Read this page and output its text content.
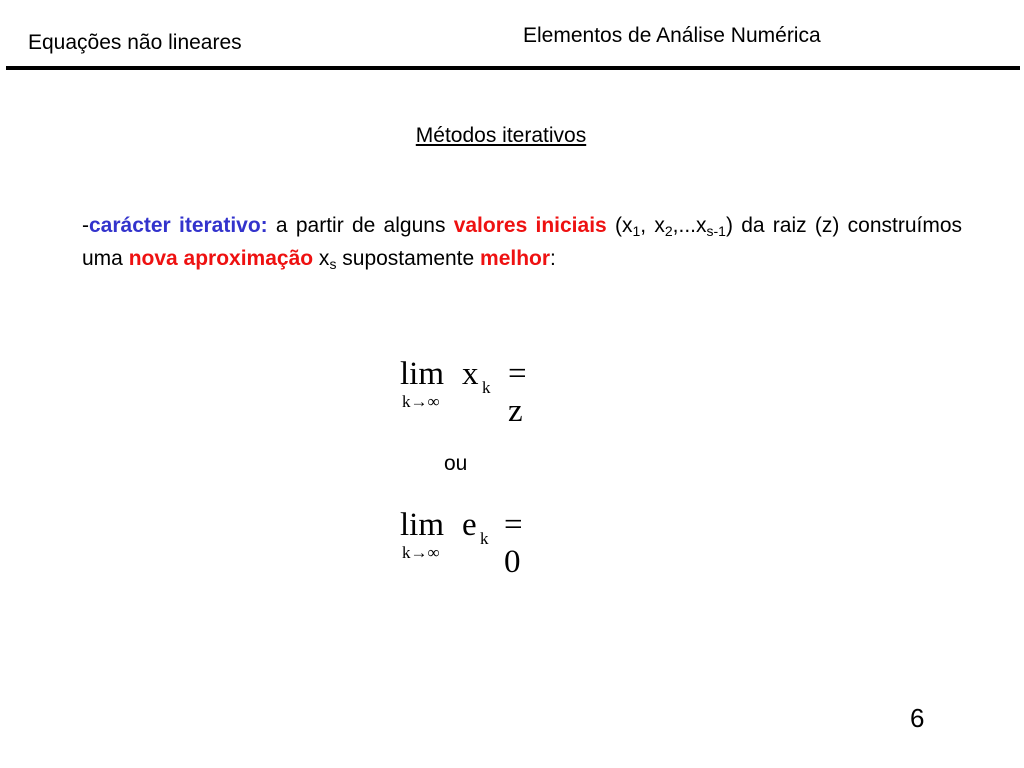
Elementos de Análise Numérica
Equações não lineares
Métodos iterativos
-carácter iterativo: a partir de alguns valores iniciais ($x_1$, $x_2,...x_{s-1}$) da raiz (z) construímos uma nova aproximação $x_s$ supostamente melhor:
lim x k = z
k→∞
ou
lim e k = 0
k→∞
6
